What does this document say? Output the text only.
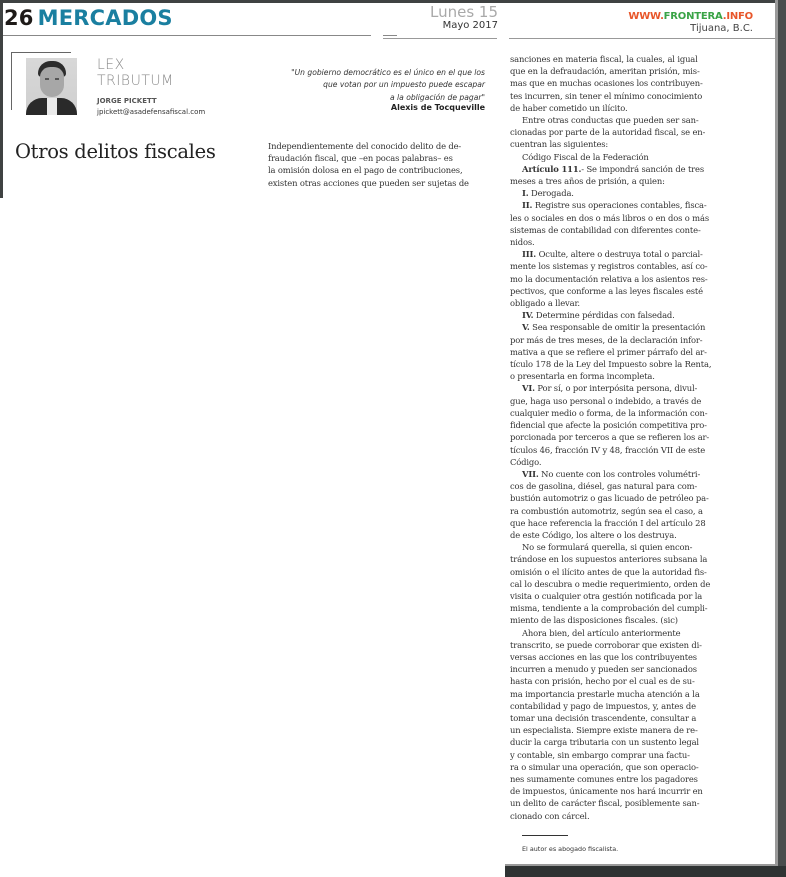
26 MERCADOS	Lunes 15
Mayo 2017
WWW.FRONTERA.INFO
Tijuana, B.C.
LEX
TRIBUTUM
JORGE PICKETT
jpickett@asadefensafiscal.com
"Un gobierno democrático es el único en el que los
que votan por un impuesto puede escapar
a la obligación de pagar"
Alexis de Tocqueville
Otros delitos fiscales	Independientemente del conocido delito de de-
fraudación fiscal, que –en pocas palabras– es
la omisión dolosa en el pago de contribuciones,
existen otras acciones que pueden ser sujetas de

sanciones en materia fiscal, la cuales, al igual
que en la defraudación, ameritan prisión, mis-
mas que en muchas ocasiones los contribuyen-
tes incurren, sin tener el mínimo conocimiento
de haber cometido un ilícito.

Entre otras conductas que pueden ser san-
cionadas por parte de la autoridad fiscal, se en-
cuentran las siguientes:

Código Fiscal de la Federación

Artículo 111.- Se impondrá sanción de tres
meses a tres años de prisión, a quien:

I. Derogada.

II. Registre sus operaciones contables, fisca-
les o sociales en dos o más libros o en dos o más
sistemas de contabilidad con diferentes conte-
nidos.

III. Oculte, altere o destruya total o parcial-
mente los sistemas y registros contables, así co-
mo la documentación relativa a los asientos res-
pectivos, que conforme a las leyes fiscales esté
obligado a llevar.

IV. Determine pérdidas con falsedad.

V. Sea responsable de omitir la presentación
por más de tres meses, de la declaración infor-
mativa a que se refiere el primer párrafo del ar-
tículo 178 de la Ley del Impuesto sobre la Renta,
o presentarla en forma incompleta.

VI. Por sí, o por interpósita persona, divul-
gue, haga uso personal o indebido, a través de
cualquier medio o forma, de la información con-
fidencial que afecte la posición competitiva pro-
porcionada por terceros a que se refieren los ar-
tículos 46, fracción IV y 48, fracción VII de este
Código.

VII. No cuente con los controles volumétri-
cos de gasolina, diésel, gas natural para com-
bustión automotriz o gas licuado de petróleo pa-
ra combustión automotriz, según sea el caso, a
que hace referencia la fracción I del artículo 28
de este Código, los altere o los destruya.

No se formulará querella, si quien encon-
trándose en los supuestos anteriores subsana la
omisión o el ilícito antes de que la autoridad fis-
cal lo descubra o medie requerimiento, orden de
visita o cualquier otra gestión notificada por la
misma, tendiente a la comprobación del cumpli-
miento de las disposiciones fiscales. (sic)

Ahora bien, del artículo anteriormente
transcrito, se puede corroborar que existen di-
versas acciones en las que los contribuyentes
incurren a menudo y pueden ser sancionados
hasta con prisión, hecho por el cual es de su-
ma importancia prestarle mucha atención a la
contabilidad y pago de impuestos, y, antes de
tomar una decisión trascendente, consultar a
un especialista. Siempre existe manera de re-
ducir la carga tributaria con un sustento legal
y contable, sin embargo comprar una factu-
ra o simular una operación, que son operacio-
nes sumamente comunes entre los pagadores
de impuestos, únicamente nos hará incurrir en
un delito de carácter fiscal, posiblemente san-
cionado con cárcel.

El autor es abogado fiscalista.
